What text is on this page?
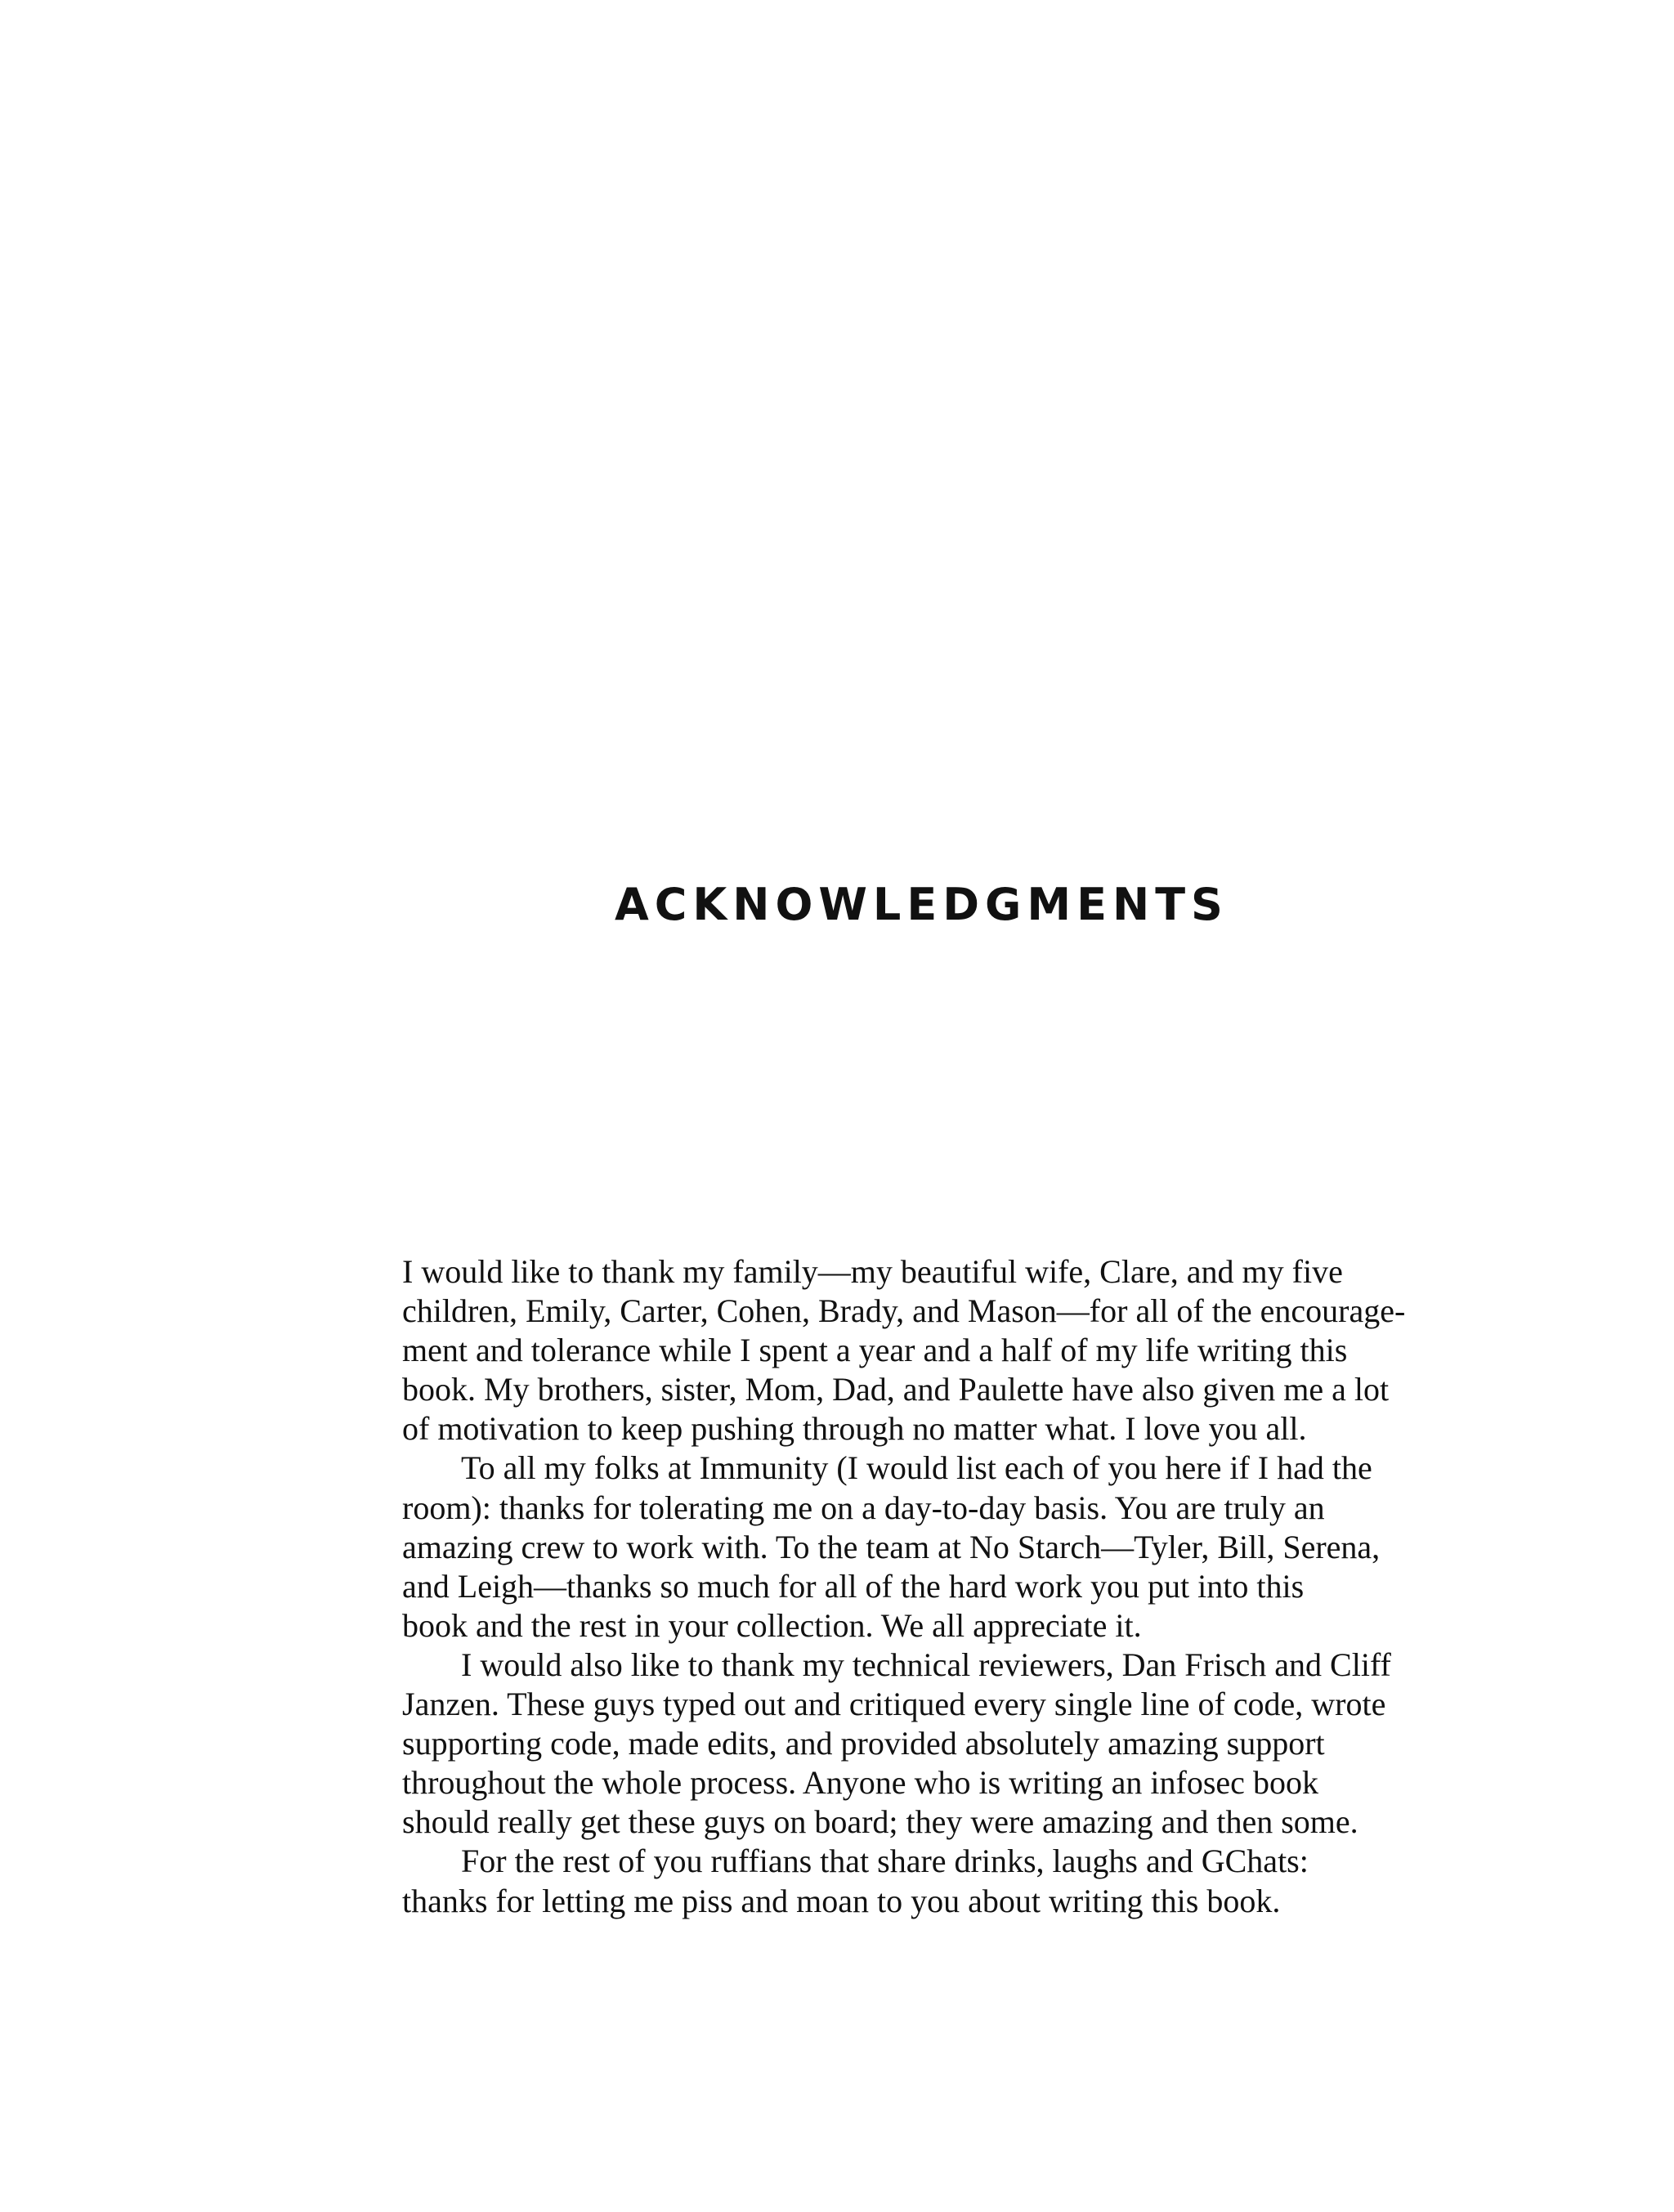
ACKNOWLEDGMENTS

I would like to thank my family—my beautiful wife, Clare, and my five
children, Emily, Carter, Cohen, Brady, and Mason—for all of the encourage-
ment and tolerance while I spent a year and a half of my life writing this
book. My brothers, sister, Mom, Dad, and Paulette have also given me a lot
of motivation to keep pushing through no matter what. I love you all.

To all my folks at Immunity (I would list each of you here if I had the
room): thanks for tolerating me on a day-to-day basis. You are truly an
amazing crew to work with. To the team at No Starch—Tyler, Bill, Serena,
and Leigh—thanks so much for all of the hard work you put into this
book and the rest in your collection. We all appreciate it.

I would also like to thank my technical reviewers, Dan Frisch and Cliff
Janzen. These guys typed out and critiqued every single line of code, wrote
supporting code, made edits, and provided absolutely amazing support
throughout the whole process. Anyone who is writing an infosec book
should really get these guys on board; they were amazing and then some.

For the rest of you ruffians that share drinks, laughs and GChats:
thanks for letting me piss and moan to you about writing this book.
